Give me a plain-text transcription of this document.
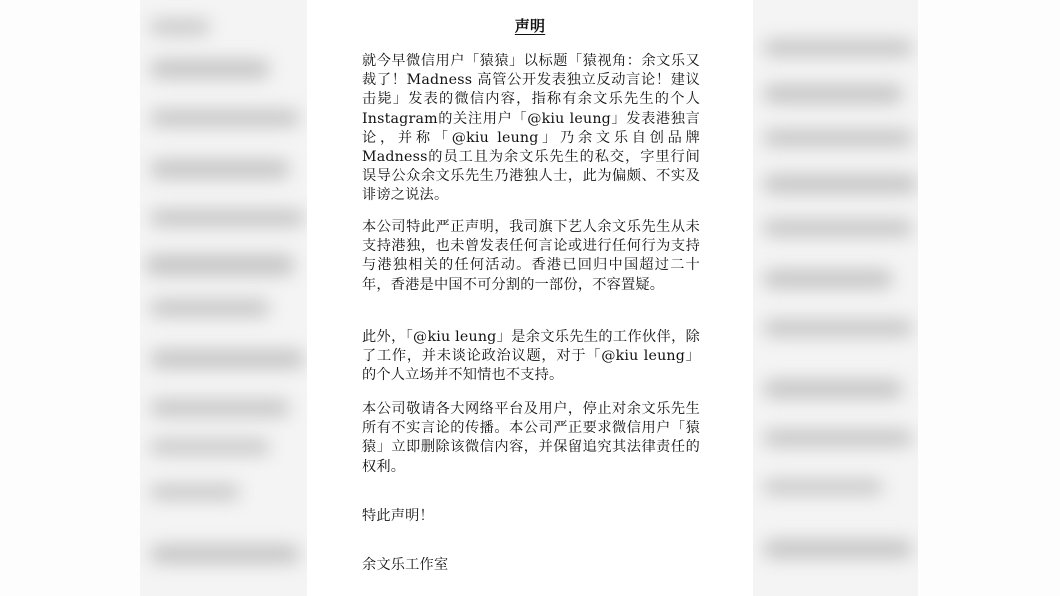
声明

就今早微信用户「猿猿」以标题「猿视角：余文乐又裁了！Madness 高管公开发表独立反动言论！建议击毙」发表的微信内容，指称有余文乐先生的个人Instagram的关注用户「@kiu leung」发表港独言论，并称「@kiu leung」乃余文乐自创品牌Madness的员工且为余文乐先生的私交，字里行间误导公众余文乐先生乃港独人士，此为偏颇、不实及诽谤之说法。

本公司特此严正声明，我司旗下艺人余文乐先生从未支持港独，也未曾发表任何言论或进行任何行为支持与港独相关的任何活动。香港已回归中国超过二十年，香港是中国不可分割的一部份，不容置疑。

此外，「@kiu leung」是余文乐先生的工作伙伴，除了工作，并未谈论政治议题，对于「@kiu leung」的个人立场并不知情也不支持。

本公司敬请各大网络平台及用户，停止对余文乐先生所有不实言论的传播。本公司严正要求微信用户「猿猿」立即删除该微信内容，并保留追究其法律责任的权利。

特此声明！
余文乐工作室
